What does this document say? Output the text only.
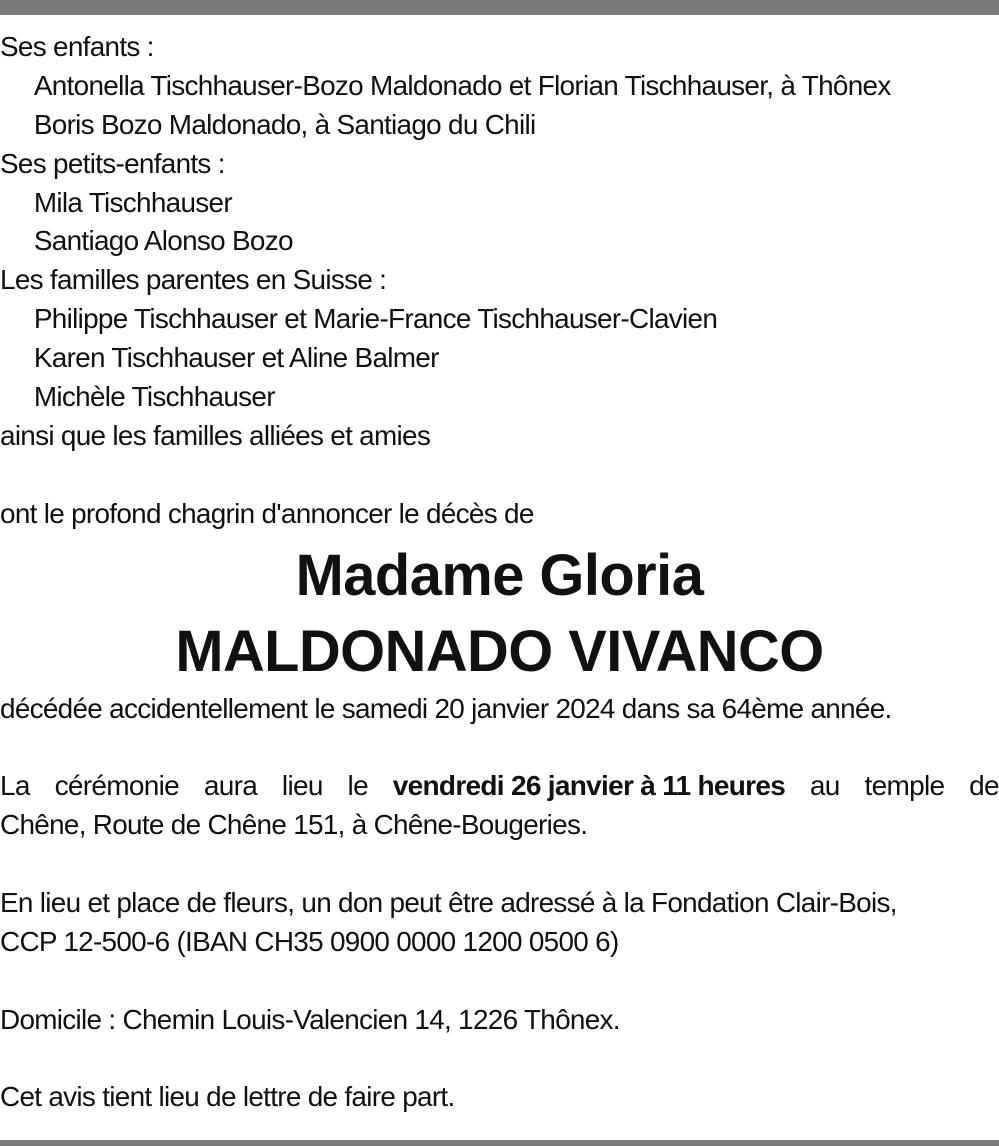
Ses enfants :
Antonella Tischhauser-Bozo Maldonado et Florian Tischhauser, à Thônex
Boris Bozo Maldonado, à Santiago du Chili
Ses petits-enfants :
Mila Tischhauser
Santiago Alonso Bozo
Les familles parentes en Suisse :
Philippe Tischhauser et Marie-France Tischhauser-Clavien
Karen Tischhauser et Aline Balmer
Michèle Tischhauser
ainsi que les familles alliées et amies
ont le profond chagrin d'annoncer le décès de
Madame Gloria
MALDONADO VIVANCO
décédée accidentellement le samedi 20 janvier 2024 dans sa 64ème année.
La cérémonie aura lieu le vendredi 26 janvier à 11 heures au temple de
Chêne, Route de Chêne 151, à Chêne-Bougeries.
En lieu et place de fleurs, un don peut être adressé à la Fondation Clair-Bois,
CCP 12-500-6 (IBAN CH35 0900 0000 1200 0500 6)
Domicile : Chemin Louis-Valencien 14, 1226 Thônex.
Cet avis tient lieu de lettre de faire part.
